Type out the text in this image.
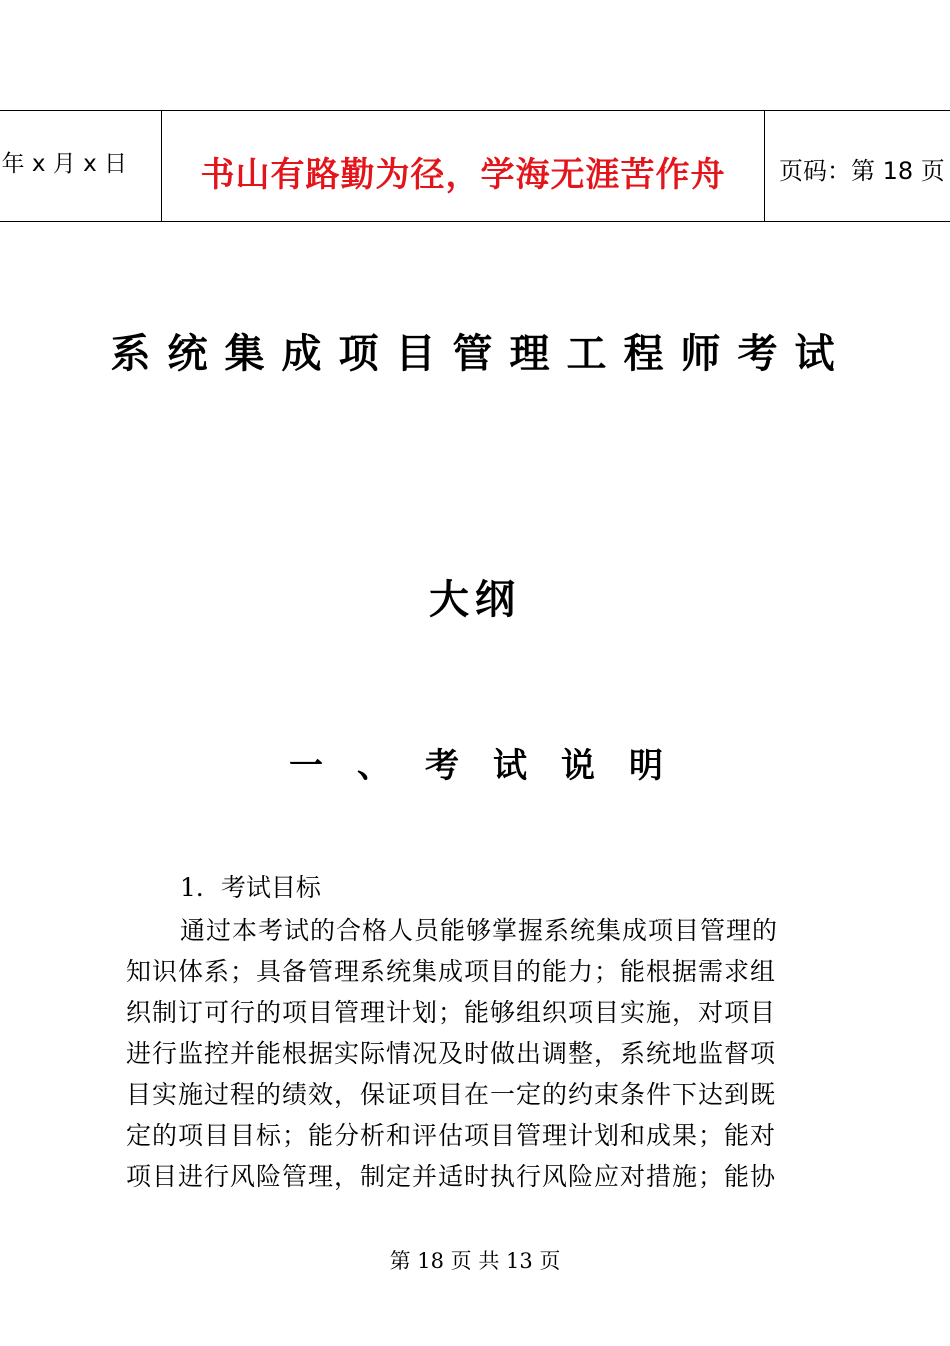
年 x 月 x 日	书山有路勤为径，学海无涯苦作舟	页码：第 18 页
系统集成项目管理工程师考试
大纲
一、考试说明
1．考试目标
通过本考试的合格人员能够掌握系统集成项目管理的
知识体系；具备管理系统集成项目的能力；能根据需求组
织制订可行的项目管理计划；能够组织项目实施，对项目
进行监控并能根据实际情况及时做出调整，系统地监督项
目实施过程的绩效，保证项目在一定的约束条件下达到既
定的项目目标；能分析和评估项目管理计划和成果；能对
项目进行风险管理，制定并适时执行风险应对措施；能协
第 18 页 共 13 页
